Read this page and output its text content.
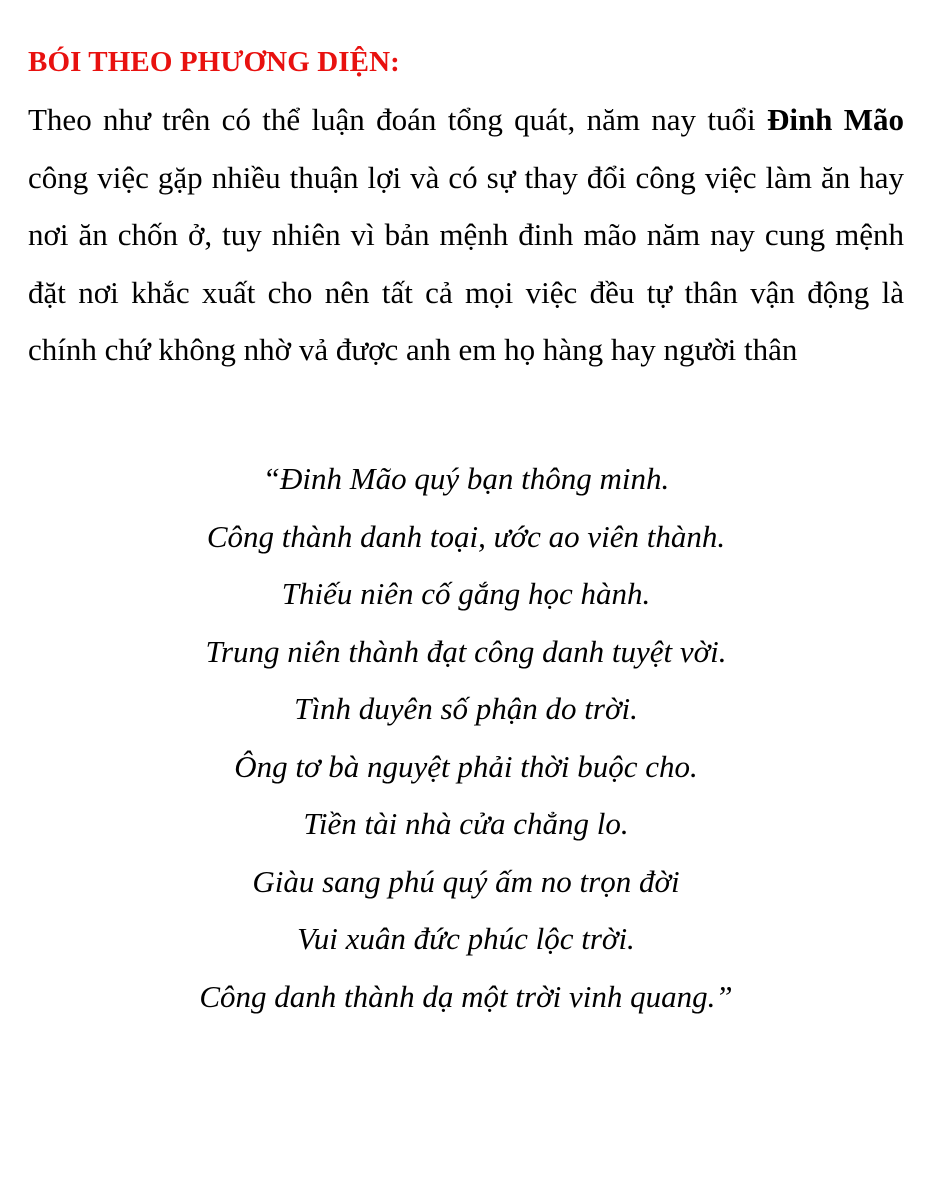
BÓI THEO PHƯƠNG DIỆN:

Theo như trên có thể luận đoán tổng quát, năm nay tuổi Đinh Mão công việc gặp nhiều thuận lợi và có sự thay đổi công việc làm ăn hay nơi ăn chốn ở, tuy nhiên vì bản mệnh đinh mão năm nay cung mệnh đặt nơi khắc xuất cho nên tất cả mọi việc đều tự thân vận động là chính chứ không nhờ vả được anh em họ hàng hay người thân

“Đinh Mão quý bạn thông minh.
Công thành danh toại, ước ao viên thành.
Thiếu niên cố gắng học hành.
Trung niên thành đạt công danh tuyệt vời.
Tình duyên số phận do trời.
Ông tơ bà nguyệt phải thời buộc cho.
Tiền tài nhà cửa chẳng lo.
Giàu sang phú quý ấm no trọn đời
Vui xuân đức phúc lộc trời.
Công danh thành dạ một trời vinh quang.”
